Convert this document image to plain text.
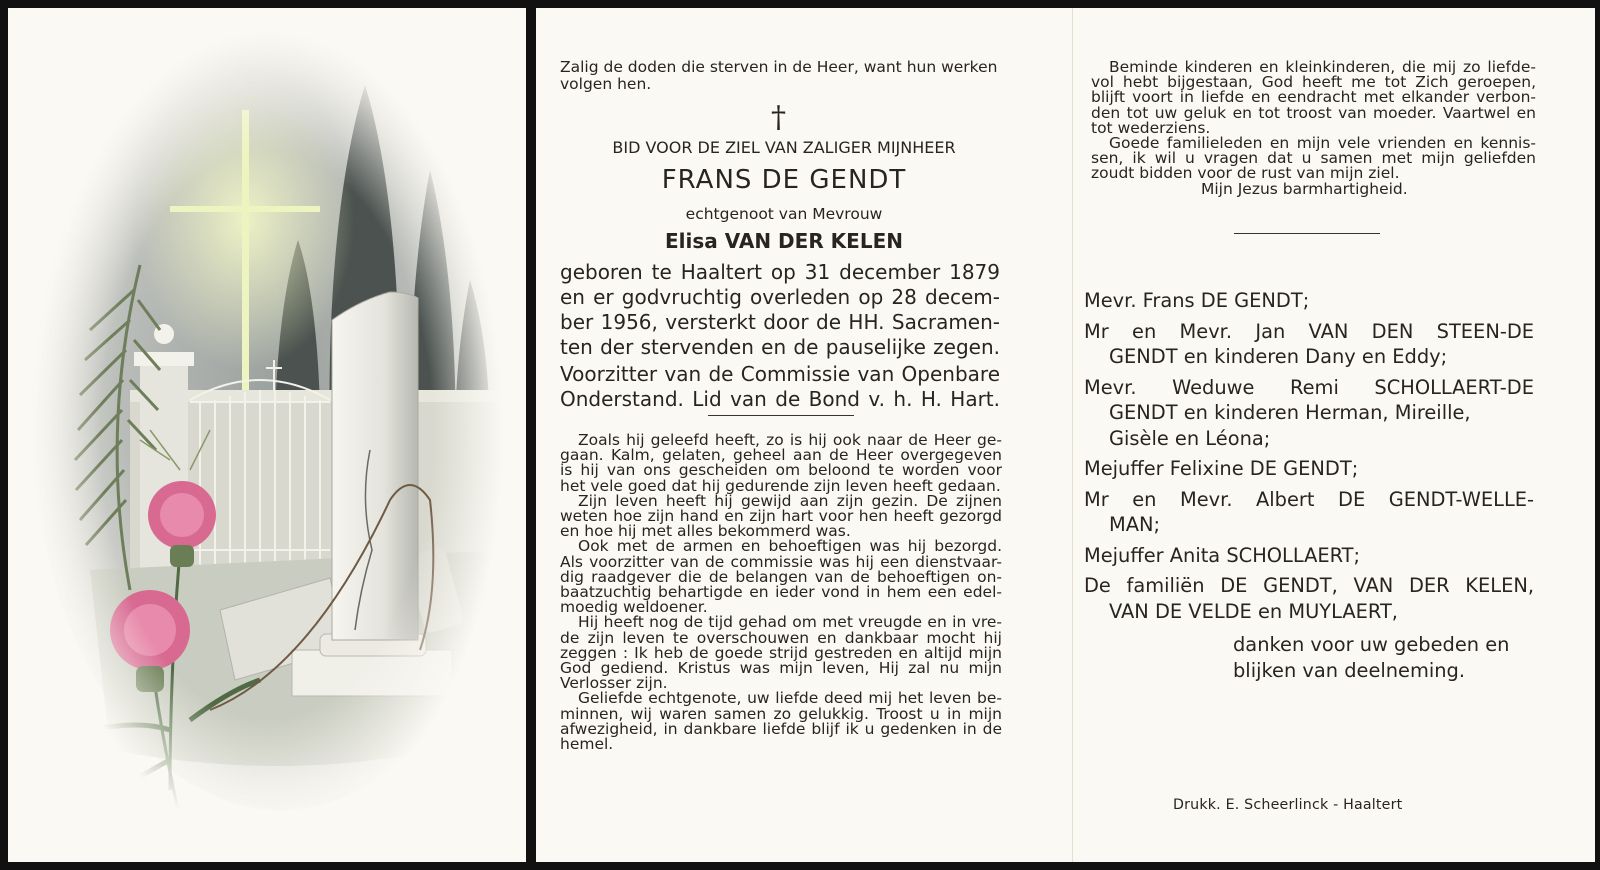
Zalig de doden die sterven in de Heer, want hun werken
volgen hen.
†
BID VOOR DE ZIEL VAN ZALIGER MIJNHEER
FRANS DE GENDT
echtgenoot van Mevrouw
Elisa VAN DER KELEN
geboren te Haaltert op 31 december 1879
en er godvruchtig overleden op 28 decem-
ber 1956, versterkt door de HH. Sacramen-
ten der stervenden en de pauselijke zegen.
Voorzitter van de Commissie van Openbare
Onderstand. Lid van de Bond v. h. H. Hart.
Zoals hij geleefd heeft, zo is hij ook naar de Heer ge-
gaan. Kalm, gelaten, geheel aan de Heer overgegeven
is hij van ons gescheiden om beloond te worden voor
het vele goed dat hij gedurende zijn leven heeft gedaan.
Zijn leven heeft hij gewijd aan zijn gezin. De zijnen
weten hoe zijn hand en zijn hart voor hen heeft gezorgd
en hoe hij met alles bekommerd was.
Ook met de armen en behoeftigen was hij bezorgd.
Als voorzitter van de commissie was hij een dienstvaar-
dig raadgever die de belangen van de behoeftigen on-
baatzuchtig behartigde en ieder vond in hem een edel-
moedig weldoener.
Hij heeft nog de tijd gehad om met vreugde en in vre-
de zijn leven te overschouwen en dankbaar mocht hij
zeggen : Ik heb de goede strijd gestreden en altijd mijn
God gediend. Kristus was mijn leven, Hij zal nu mijn
Verlosser zijn.
Geliefde echtgenote, uw liefde deed mij het leven be-
minnen, wij waren samen zo gelukkig. Troost u in mijn
afwezigheid, in dankbare liefde blijf ik u gedenken in de
hemel.
Beminde kinderen en kleinkinderen, die mij zo liefde-
vol hebt bijgestaan, God heeft me tot Zich geroepen,
blijft voort in liefde en eendracht met elkander verbon-
den tot uw geluk en tot troost van moeder. Vaartwel en
tot wederziens.
Goede familieleden en mijn vele vrienden en kennis-
sen, ik wil u vragen dat u samen met mijn geliefden
zoudt bidden voor de rust van mijn ziel.
Mijn Jezus barmhartigheid.
Mevr. Frans DE GENDT;
Mr en Mevr. Jan VAN DEN STEEN-DE
GENDT en kinderen Dany en Eddy;
Mevr. Weduwe Remi SCHOLLAERT-DE
GENDT en kinderen Herman, Mireille,
Gisèle en Léona;
Mejuffer Felixine DE GENDT;
Mr en Mevr. Albert DE GENDT-WELLE-
MAN;
Mejuffer Anita SCHOLLAERT;
De familiën DE GENDT, VAN DER KELEN,
VAN DE VELDE en MUYLAERT,
danken voor uw gebeden en
blijken van deelneming.
Drukk. E. Scheerlinck - Haaltert
